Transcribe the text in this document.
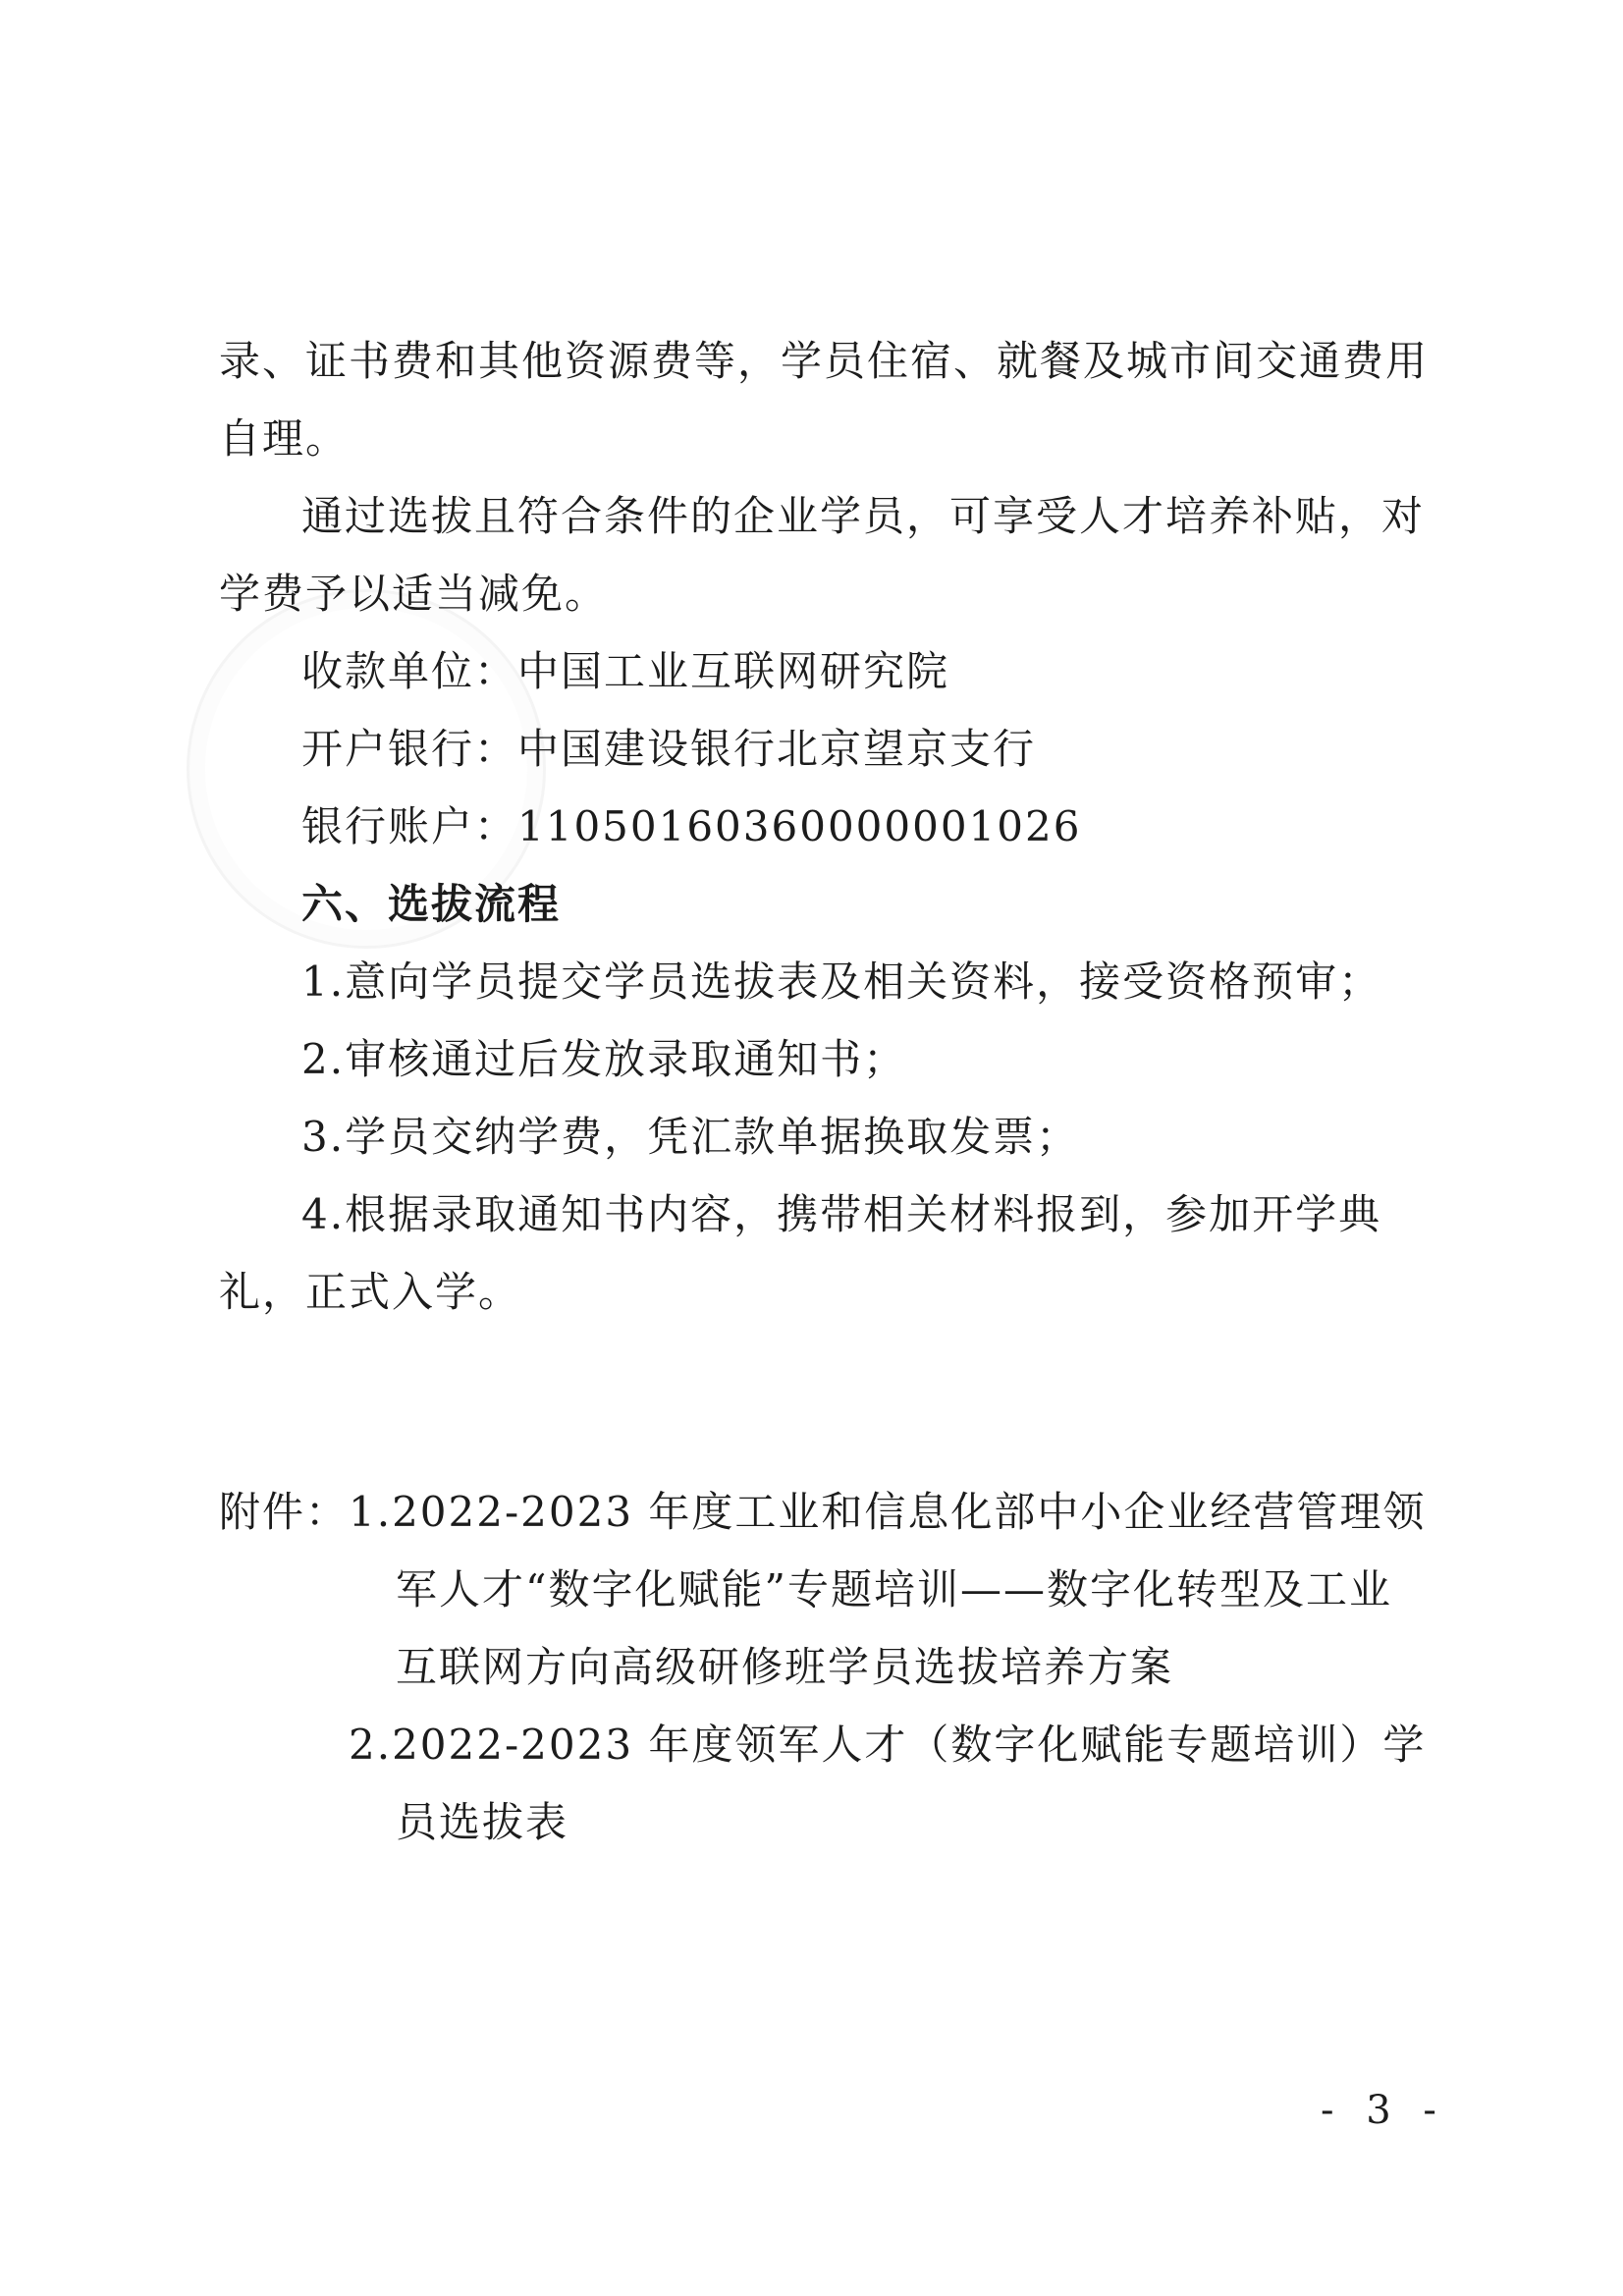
录、证书费和其他资源费等，学员住宿、就餐及城市间交通费用自理。

通过选拔且符合条件的企业学员，可享受人才培养补贴，对学费予以适当减免。

收款单位：中国工业互联网研究院

开户银行：中国建设银行北京望京支行

银行账户：11050160360000001026

六、选拔流程

1.意向学员提交学员选拔表及相关资料，接受资格预审；

2.审核通过后发放录取通知书；

3.学员交纳学费，凭汇款单据换取发票；

4.根据录取通知书内容，携带相关材料报到，参加开学典礼，正式入学。

附件： 1.2022-2023 年度工业和信息化部中小企业经营管理领军人才“数字化赋能”专题培训——数字化转型及工业互联网方向高级研修班学员选拔培养方案

2.2022-2023 年度领军人才（数字化赋能专题培训）学员选拔表

- 3 -
